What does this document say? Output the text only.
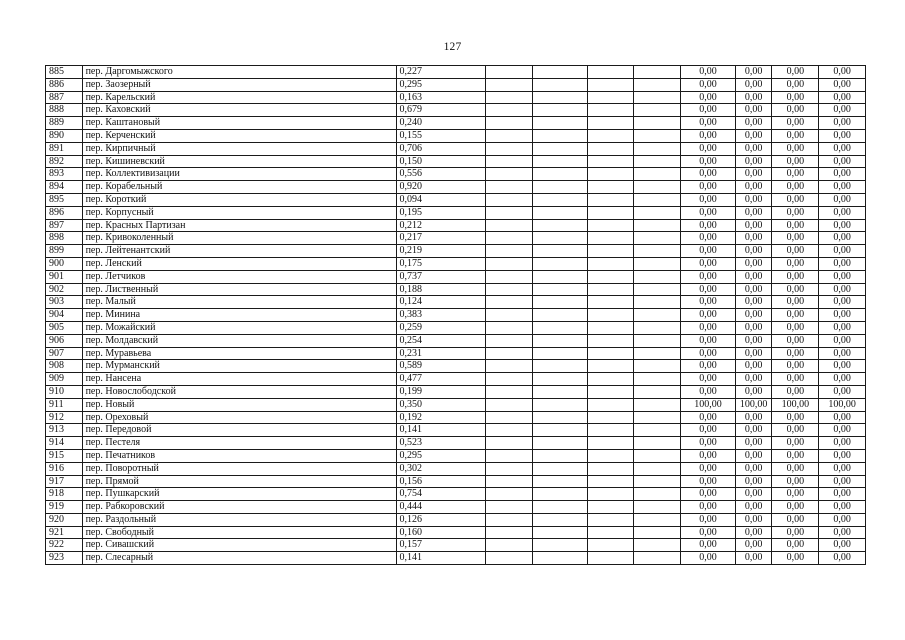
127
885	пер. Даргомыжского	0,227					0,00	0,00	0,00	0,00
886	пер. Заозерный	0,295					0,00	0,00	0,00	0,00
887	пер. Карельский	0,163					0,00	0,00	0,00	0,00
888	пер. Каховский	0,679					0,00	0,00	0,00	0,00
889	пер. Каштановый	0,240					0,00	0,00	0,00	0,00
890	пер. Керченский	0,155					0,00	0,00	0,00	0,00
891	пер. Кирпичный	0,706					0,00	0,00	0,00	0,00
892	пер. Кишиневский	0,150					0,00	0,00	0,00	0,00
893	пер. Коллективизации	0,556					0,00	0,00	0,00	0,00
894	пер. Корабельный	0,920					0,00	0,00	0,00	0,00
895	пер. Короткий	0,094					0,00	0,00	0,00	0,00
896	пер. Корпусный	0,195					0,00	0,00	0,00	0,00
897	пер. Красных Партизан	0,212					0,00	0,00	0,00	0,00
898	пер. Кривоколенный	0,217					0,00	0,00	0,00	0,00
899	пер. Лейтенантский	0,219					0,00	0,00	0,00	0,00
900	пер. Ленский	0,175					0,00	0,00	0,00	0,00
901	пер. Летчиков	0,737					0,00	0,00	0,00	0,00
902	пер. Лиственный	0,188					0,00	0,00	0,00	0,00
903	пер. Малый	0,124					0,00	0,00	0,00	0,00
904	пер. Минина	0,383					0,00	0,00	0,00	0,00
905	пер. Можайский	0,259					0,00	0,00	0,00	0,00
906	пер. Молдавский	0,254					0,00	0,00	0,00	0,00
907	пер. Муравьева	0,231					0,00	0,00	0,00	0,00
908	пер. Мурманский	0,589					0,00	0,00	0,00	0,00
909	пер. Нансена	0,477					0,00	0,00	0,00	0,00
910	пер. Новослободской	0,199					0,00	0,00	0,00	0,00
911	пер. Новый	0,350					100,00	100,00	100,00	100,00
912	пер. Ореховый	0,192					0,00	0,00	0,00	0,00
913	пер. Передовой	0,141					0,00	0,00	0,00	0,00
914	пер. Пестеля	0,523					0,00	0,00	0,00	0,00
915	пер. Печатников	0,295					0,00	0,00	0,00	0,00
916	пер. Поворотный	0,302					0,00	0,00	0,00	0,00
917	пер. Прямой	0,156					0,00	0,00	0,00	0,00
918	пер. Пушкарский	0,754					0,00	0,00	0,00	0,00
919	пер. Рабкоровский	0,444					0,00	0,00	0,00	0,00
920	пер. Раздольный	0,126					0,00	0,00	0,00	0,00
921	пер. Свободный	0,160					0,00	0,00	0,00	0,00
922	пер. Сивашский	0,157					0,00	0,00	0,00	0,00
923	пер. Слесарный	0,141					0,00	0,00	0,00	0,00
